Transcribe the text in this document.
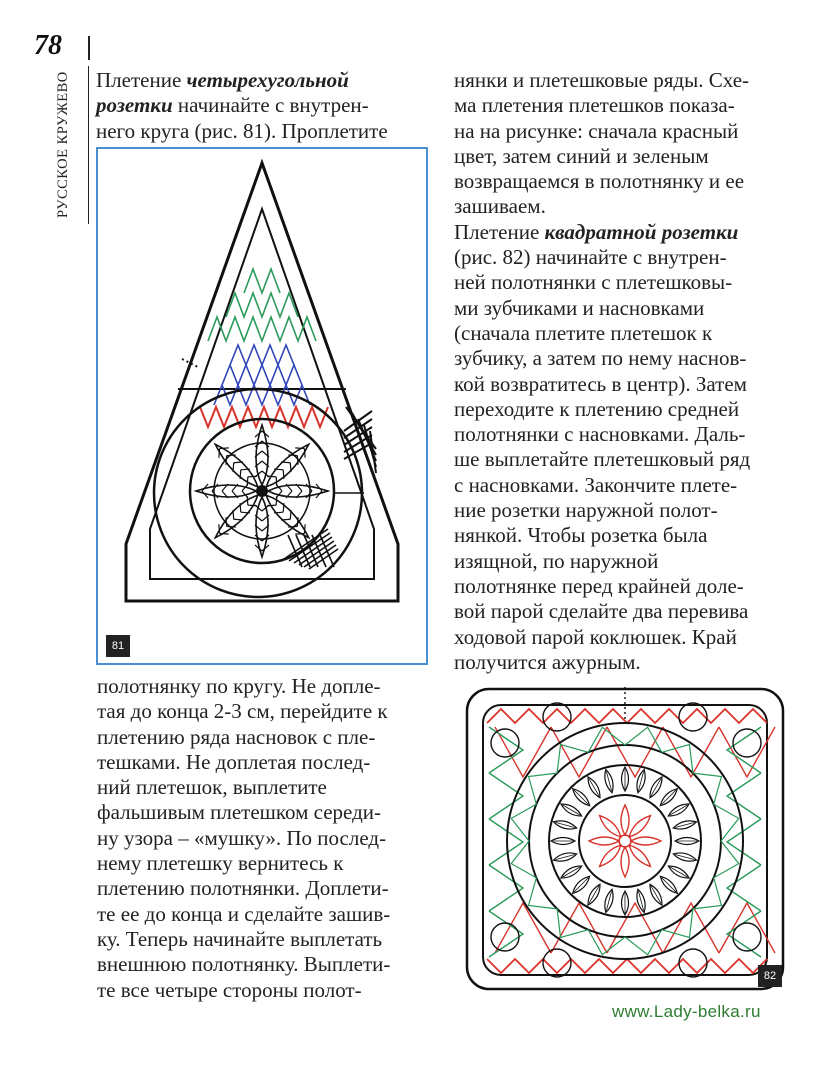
78
РУССКОЕ КРУЖЕВО Плетение четырехугольной
розетки начинайте с внутрен-
него круга (рис. 81). Проплетите
81
полотнянку по кругу. Не доплe-
тая до конца 2-3 см, перейдите к
плетению ряда насновок с пле-
тешками. Не доплетая послед-
ний плетешок, выплетите
фальшивым плетешком середи-
ну узора – «мушку». По послед-
нему плетешку вернитесь к
плетению полотнянки. Доплети-
те ее до конца и сделайте зашив-
ку. Теперь начинайте выплетать
внешнюю полотнянку. Выплети-
те все четыре стороны полот-
нянки и плетешковые ряды. Схе-
ма плетения плетешков показа-
на на рисунке: сначала красный
цвет, затем синий и зеленым
возвращаемся в полотнянку и ее
зашиваем.
Плетение квадратной розетки
(рис. 82) начинайте с внутрен-
ней полотнянки с плетешковы-
ми зубчиками и насновками
(сначала плетите плетешок к
зубчику, а затем по нему наснов-
кой возвратитесь в центр). Затем
переходите к плетению средней
полотнянки с насновками. Даль-
ше выплетайте плетешковый ряд
с насновками. Закончите плете-
ние розетки наружной полот-
нянкой. Чтобы розетка была
изящной, по наружной
полотнянке перед крайней доле-
вой парой сделайте два перевива
ходовой парой коклюшек. Край
получится ажурным.
82
www.Lady-belka.ru
